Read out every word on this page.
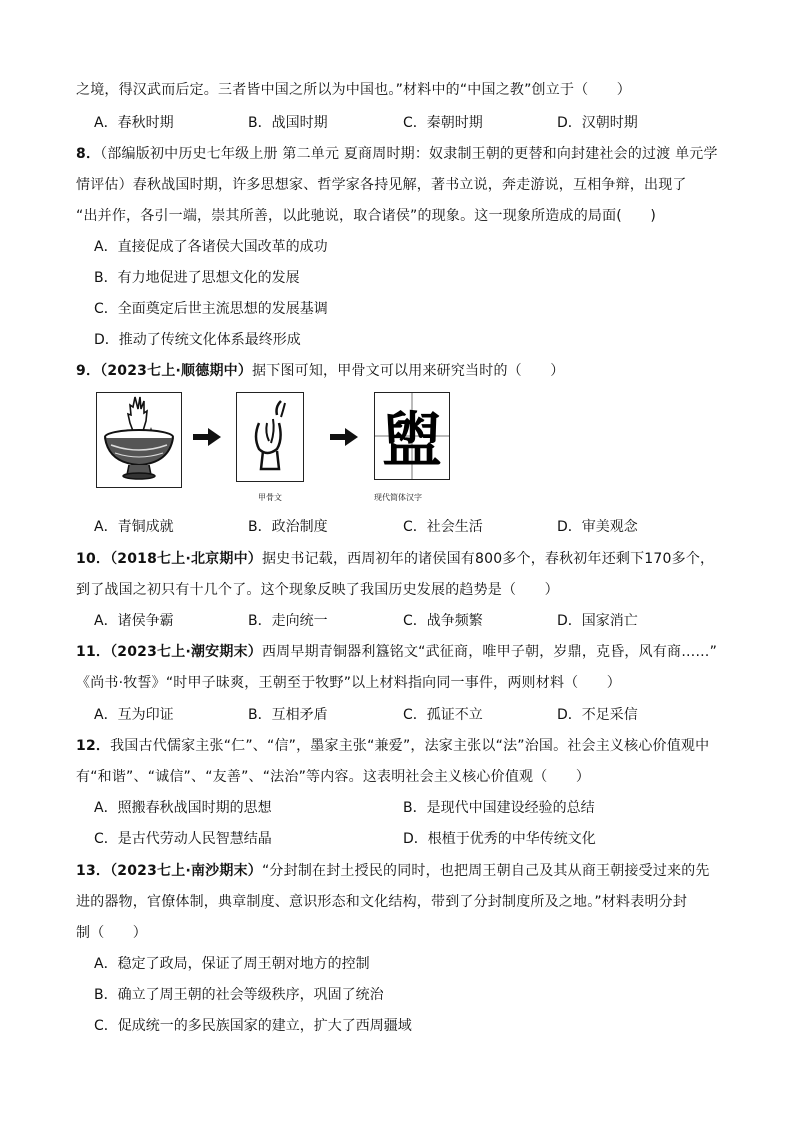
之境，得汉武而后定。三者皆中国之所以为中国也。”材料中的“中国之教”创立于（　　）
A．春秋时期	B．战国时期	C．秦朝时期	D．汉朝时期
8．（部编版初中历史七年级上册 第二单元 夏商周时期：奴隶制王朝的更替和向封建社会的过渡 单元学
情评估）春秋战国时期，许多思想家、哲学家各持见解，著书立说，奔走游说，互相争辩，出现了
“出并作，各引一端，崇其所善，以此驰说，取合诸侯”的现象。这一现象所造成的局面(　　)
A．直接促成了各诸侯大国改革的成功
B．有力地促进了思想文化的发展
C．全面奠定后世主流思想的发展基调
D．推动了传统文化体系最终形成
9．（2023七上·顺德期中）据下图可知，甲骨文可以用来研究当时的（　　）
甲骨文
盥
现代简体汉字
A．青铜成就	B．政治制度	C．社会生活	D．审美观念
10．（2018七上·北京期中）据史书记载，西周初年的诸侯国有800多个，春秋初年还剩下170多个，
到了战国之初只有十几个了。这个现象反映了我国历史发展的趋势是（　　）
A．诸侯争霸	B．走向统一	C．战争频繁	D．国家消亡
11．（2023七上·潮安期末）西周早期青铜器利簋铭文“武征商，唯甲子朝，岁鼎，克昏，风有商……”
《尚书·牧誓》“时甲子昧爽，王朝至于牧野”以上材料指向同一事件，两则材料（　　）
A．互为印证	B．互相矛盾	C．孤证不立	D．不足采信
12．我国古代儒家主张“仁”、“信”，墨家主张“兼爱”，法家主张以“法”治国。社会主义核心价值观中
有“和谐”、“诚信”、“友善”、“法治”等内容。这表明社会主义核心价值观（　　）
A．照搬春秋战国时期的思想	B．是现代中国建设经验的总结
C．是古代劳动人民智慧结晶	D．根植于优秀的中华传统文化
13．（2023七上·南沙期末）“分封制在封土授民的同时，也把周王朝自己及其从商王朝接受过来的先
进的器物，官僚体制，典章制度、意识形态和文化结构，带到了分封制度所及之地。”材料表明分封
制（　　）
A．稳定了政局，保证了周王朝对地方的控制
B．确立了周王朝的社会等级秩序，巩固了统治
C．促成统一的多民族国家的建立，扩大了西周疆域
